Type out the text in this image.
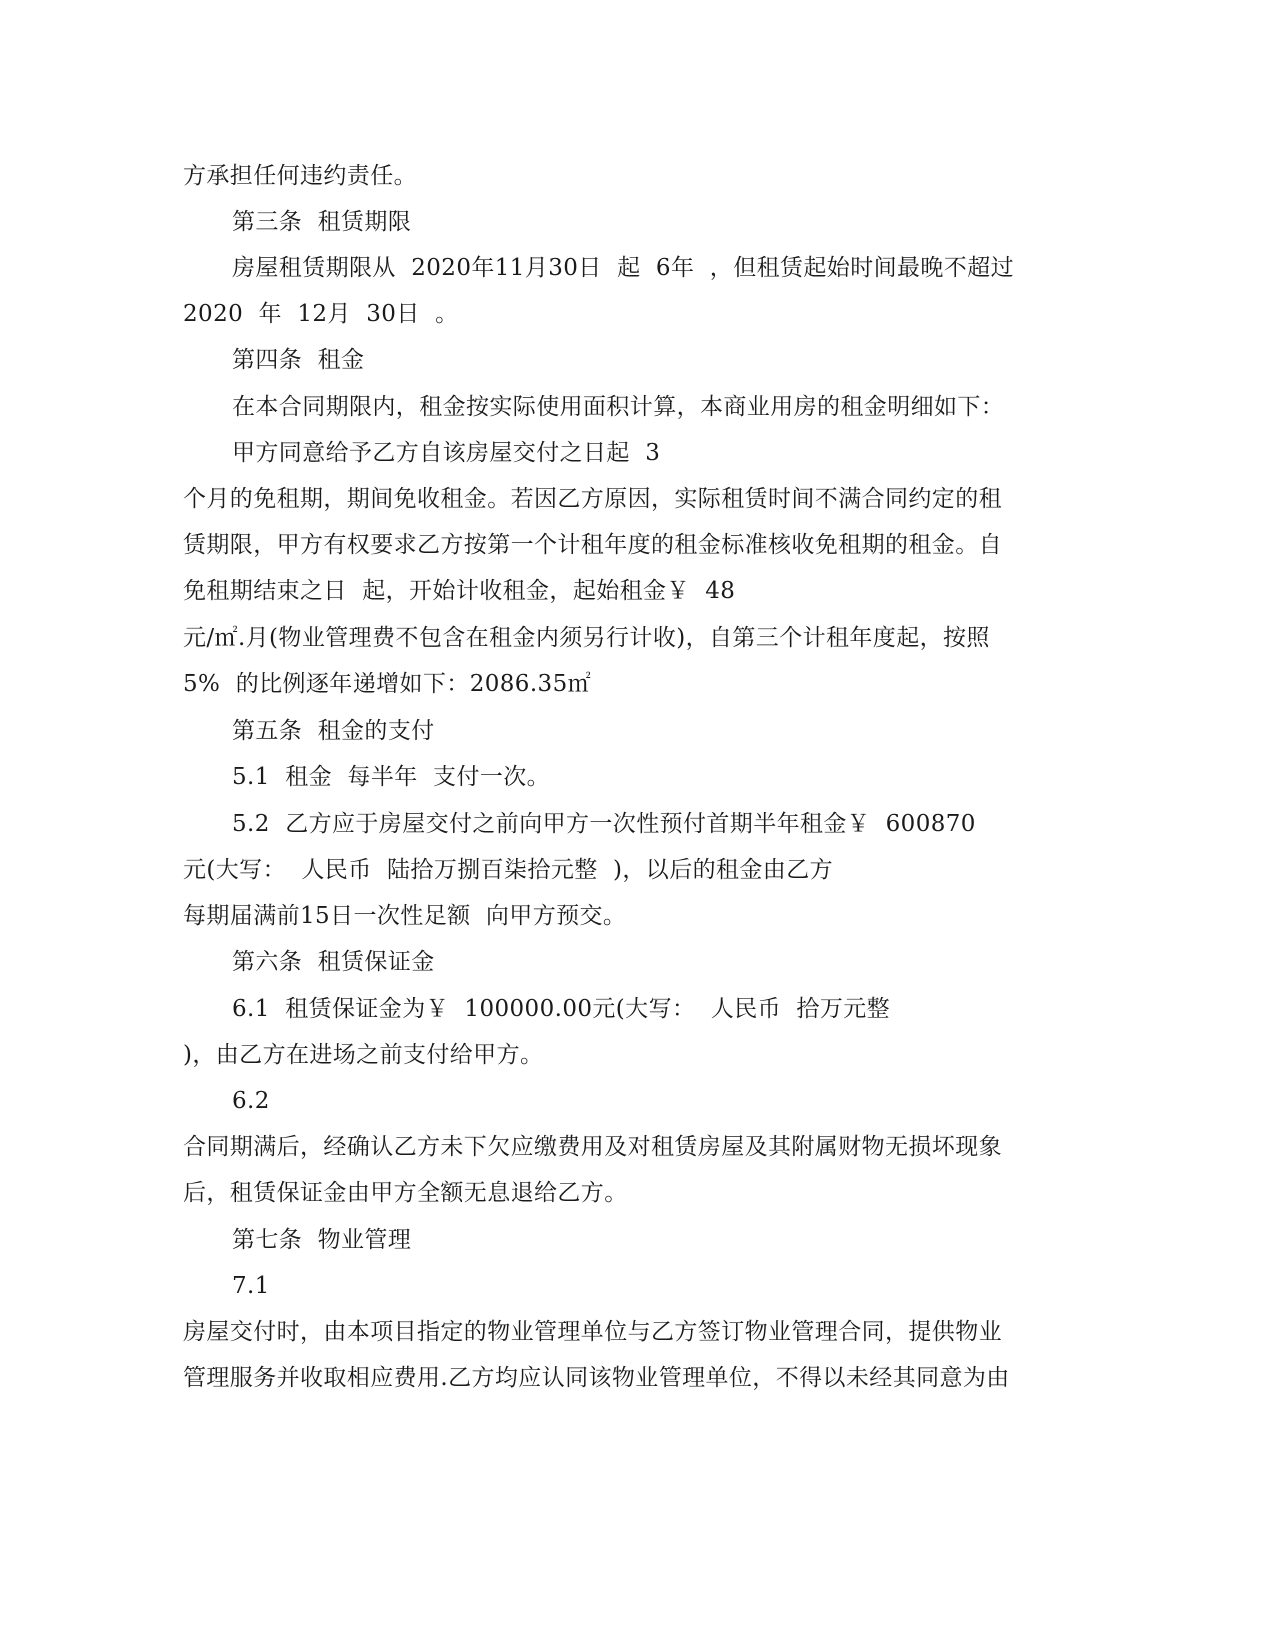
方承担任何违约责任。
第三条  租赁期限
房屋租赁期限从  2020年11月30日  起  6年  ，但租赁起始时间最晚不超过
2020  年  12月  30日  。
第四条  租金
在本合同期限内，租金按实际使用面积计算，本商业用房的租金明细如下：
甲方同意给予乙方自该房屋交付之日起  3
个月的免租期，期间免收租金。若因乙方原因，实际租赁时间不满合同约定的租
赁期限，甲方有权要求乙方按第一个计租年度的租金标准核收免租期的租金。自
免租期结束之日  起，开始计收租金，起始租金￥  48
元/㎡.月(物业管理费不包含在租金内须另行计收)，自第三个计租年度起，按照
5%  的比例逐年递增如下：2086.35㎡
第五条  租金的支付
5.1  租金  每半年  支付一次。
5.2  乙方应于房屋交付之前向甲方一次性预付首期半年租金￥  600870
元(大写：  人民币  陆拾万捌百柒拾元整  )，以后的租金由乙方
每期届满前15日一次性足额  向甲方预交。
第六条  租赁保证金
6.1  租赁保证金为￥  100000.00元(大写：  人民币  拾万元整
)，由乙方在进场之前支付给甲方。
6.2
合同期满后，经确认乙方未下欠应缴费用及对租赁房屋及其附属财物无损坏现象
后，租赁保证金由甲方全额无息退给乙方。
第七条  物业管理
7.1
房屋交付时，由本项目指定的物业管理单位与乙方签订物业管理合同，提供物业
管理服务并收取相应费用.乙方均应认同该物业管理单位，不得以未经其同意为由
